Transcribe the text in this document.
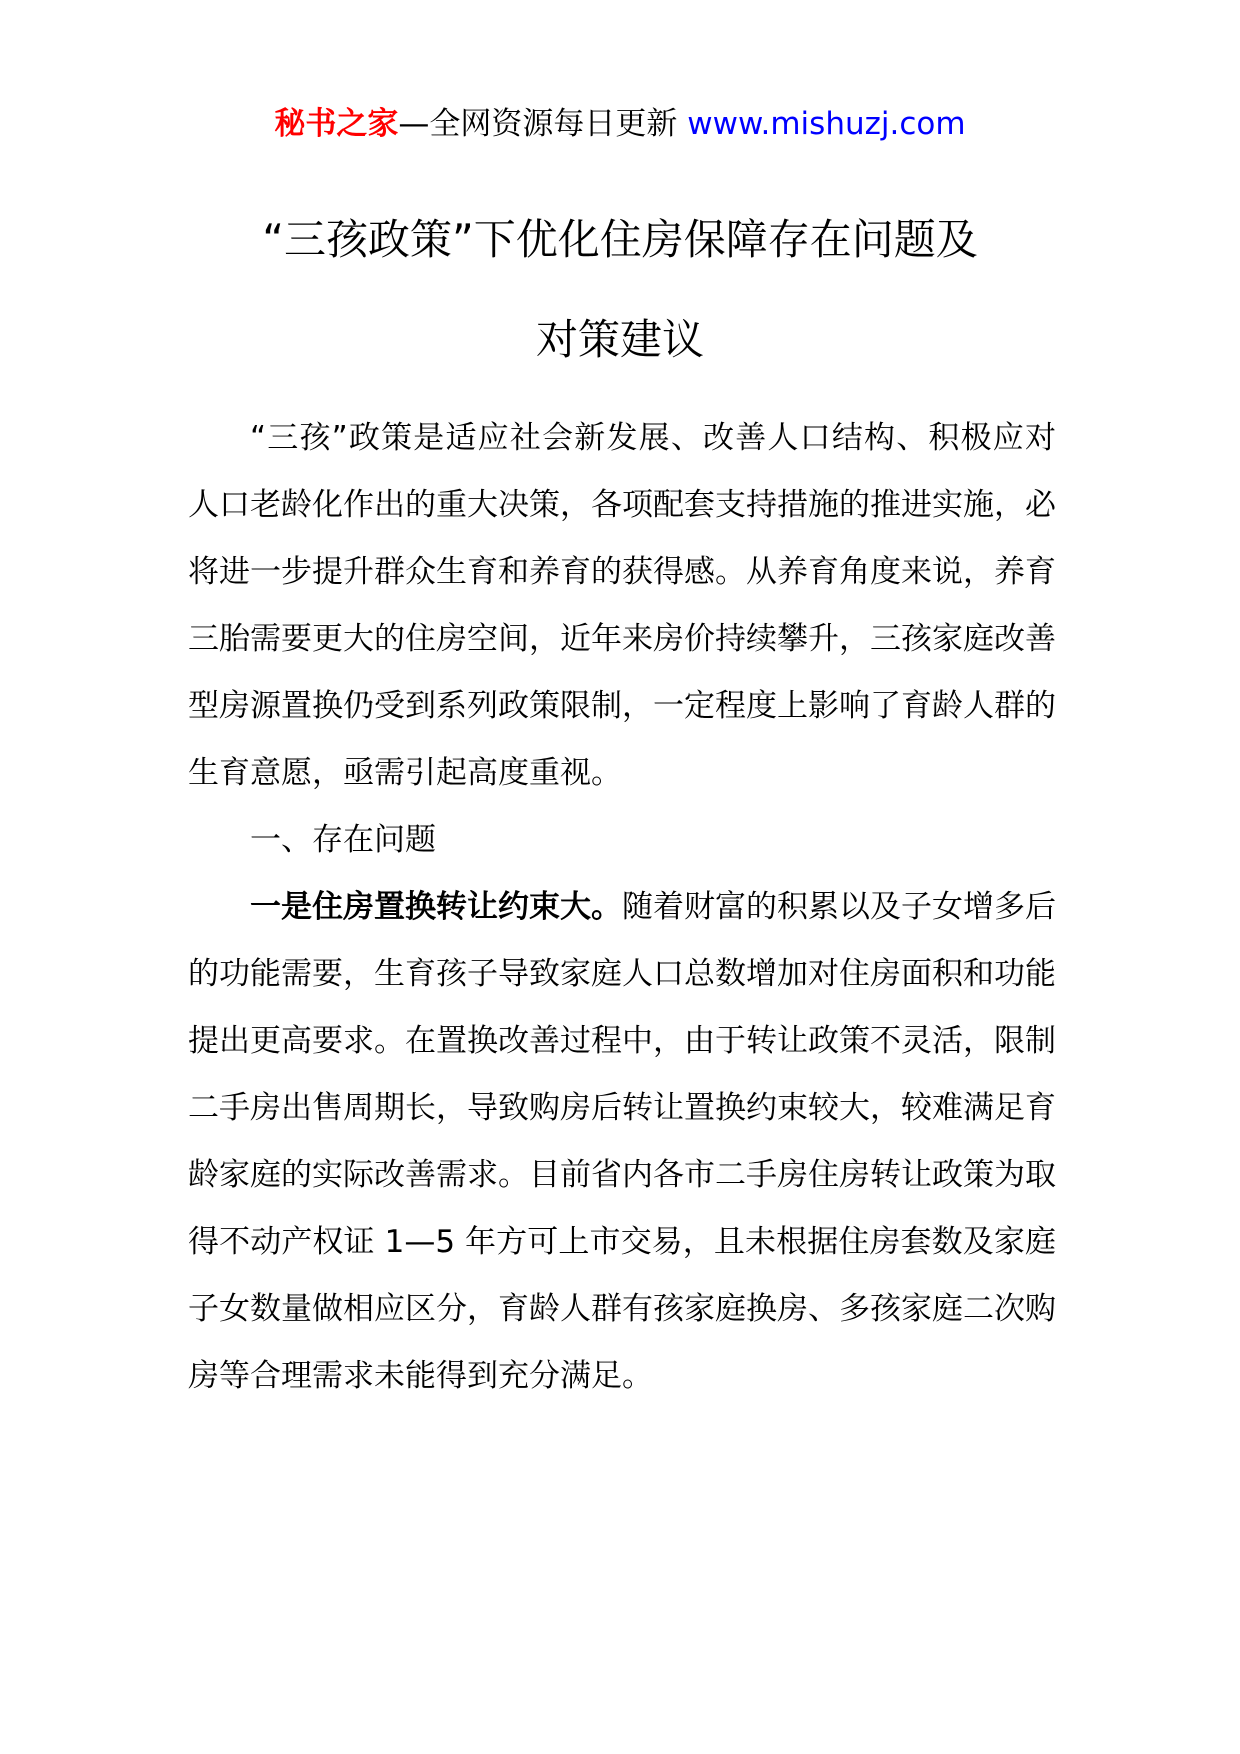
秘书之家—全网资源每日更新 www.mishuzj.com
“三孩政策”下优化住房保障存在问题及
对策建议

“三孩”政策是适应社会新发展、改善人口结构、积极应对人口老龄化作出的重大决策，各项配套支持措施的推进实施，必将进一步提升群众生育和养育的获得感。从养育角度来说，养育三胎需要更大的住房空间，近年来房价持续攀升，三孩家庭改善型房源置换仍受到系列政策限制，一定程度上影响了育龄人群的生育意愿，亟需引起高度重视。

一、存在问题

一是住房置换转让约束大。随着财富的积累以及子女增多后的功能需要，生育孩子导致家庭人口总数增加对住房面积和功能提出更高要求。在置换改善过程中，由于转让政策不灵活，限制二手房出售周期长，导致购房后转让置换约束较大，较难满足育龄家庭的实际改善需求。目前省内各市二手房住房转让政策为取得不动产权证 1—5 年方可上市交易，且未根据住房套数及家庭子女数量做相应区分，育龄人群有孩家庭换房、多孩家庭二次购房等合理需求未能得到充分满足。
